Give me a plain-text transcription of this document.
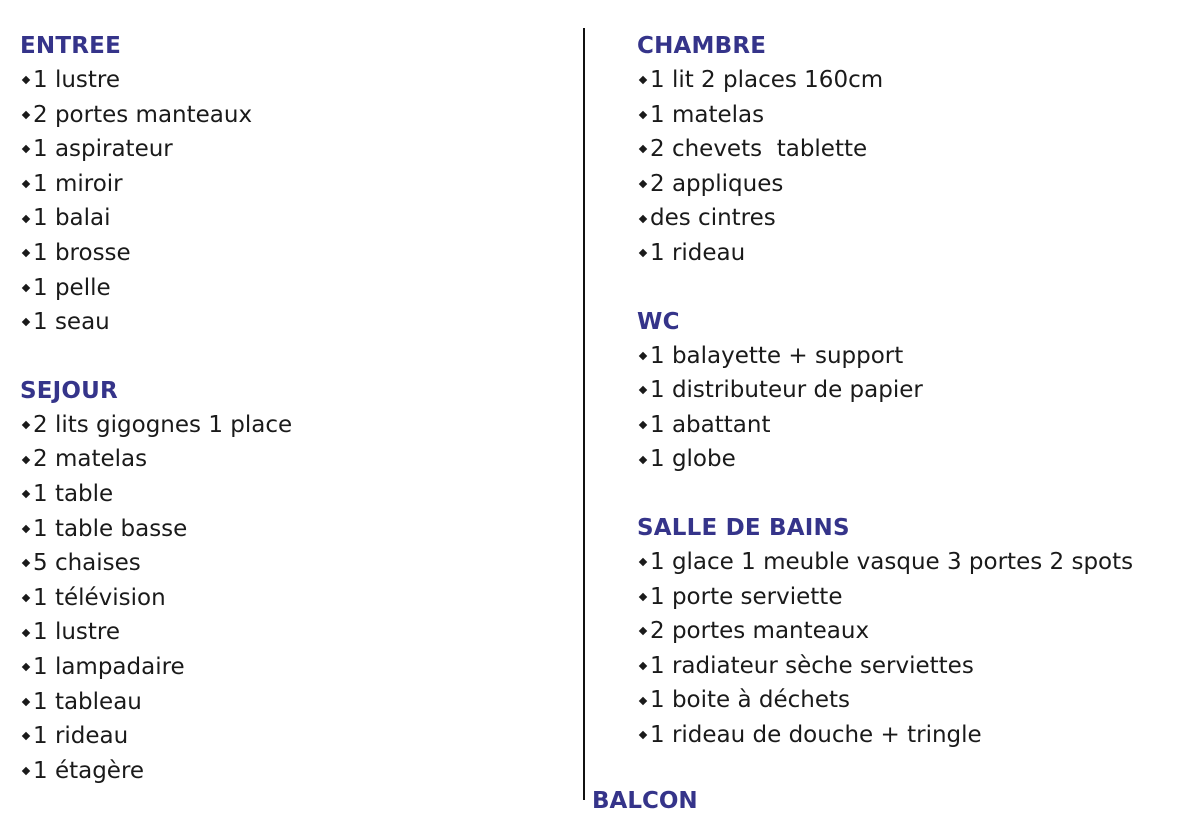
ENTREE
1 lustre
2 portes manteaux
1 aspirateur
1 miroir
1 balai
1 brosse
1 pelle
1 seau
SEJOUR
2 lits gigognes 1 place
2 matelas
1 table
1 table basse
5 chaises
1 télévision
1 lustre
1 lampadaire
1 tableau
1 rideau
1 étagère
CHAMBRE
1 lit 2 places 160cm
1 matelas
2 chevets  tablette
2 appliques
des cintres
1 rideau
WC
1 balayette + support
1 distributeur de papier
1 abattant
1 globe
SALLE DE BAINS
1 glace 1 meuble vasque 3 portes 2 spots
1 porte serviette
2 portes manteaux
1 radiateur sèche serviettes
1 boite à déchets
1 rideau de douche + tringle
BALCON
